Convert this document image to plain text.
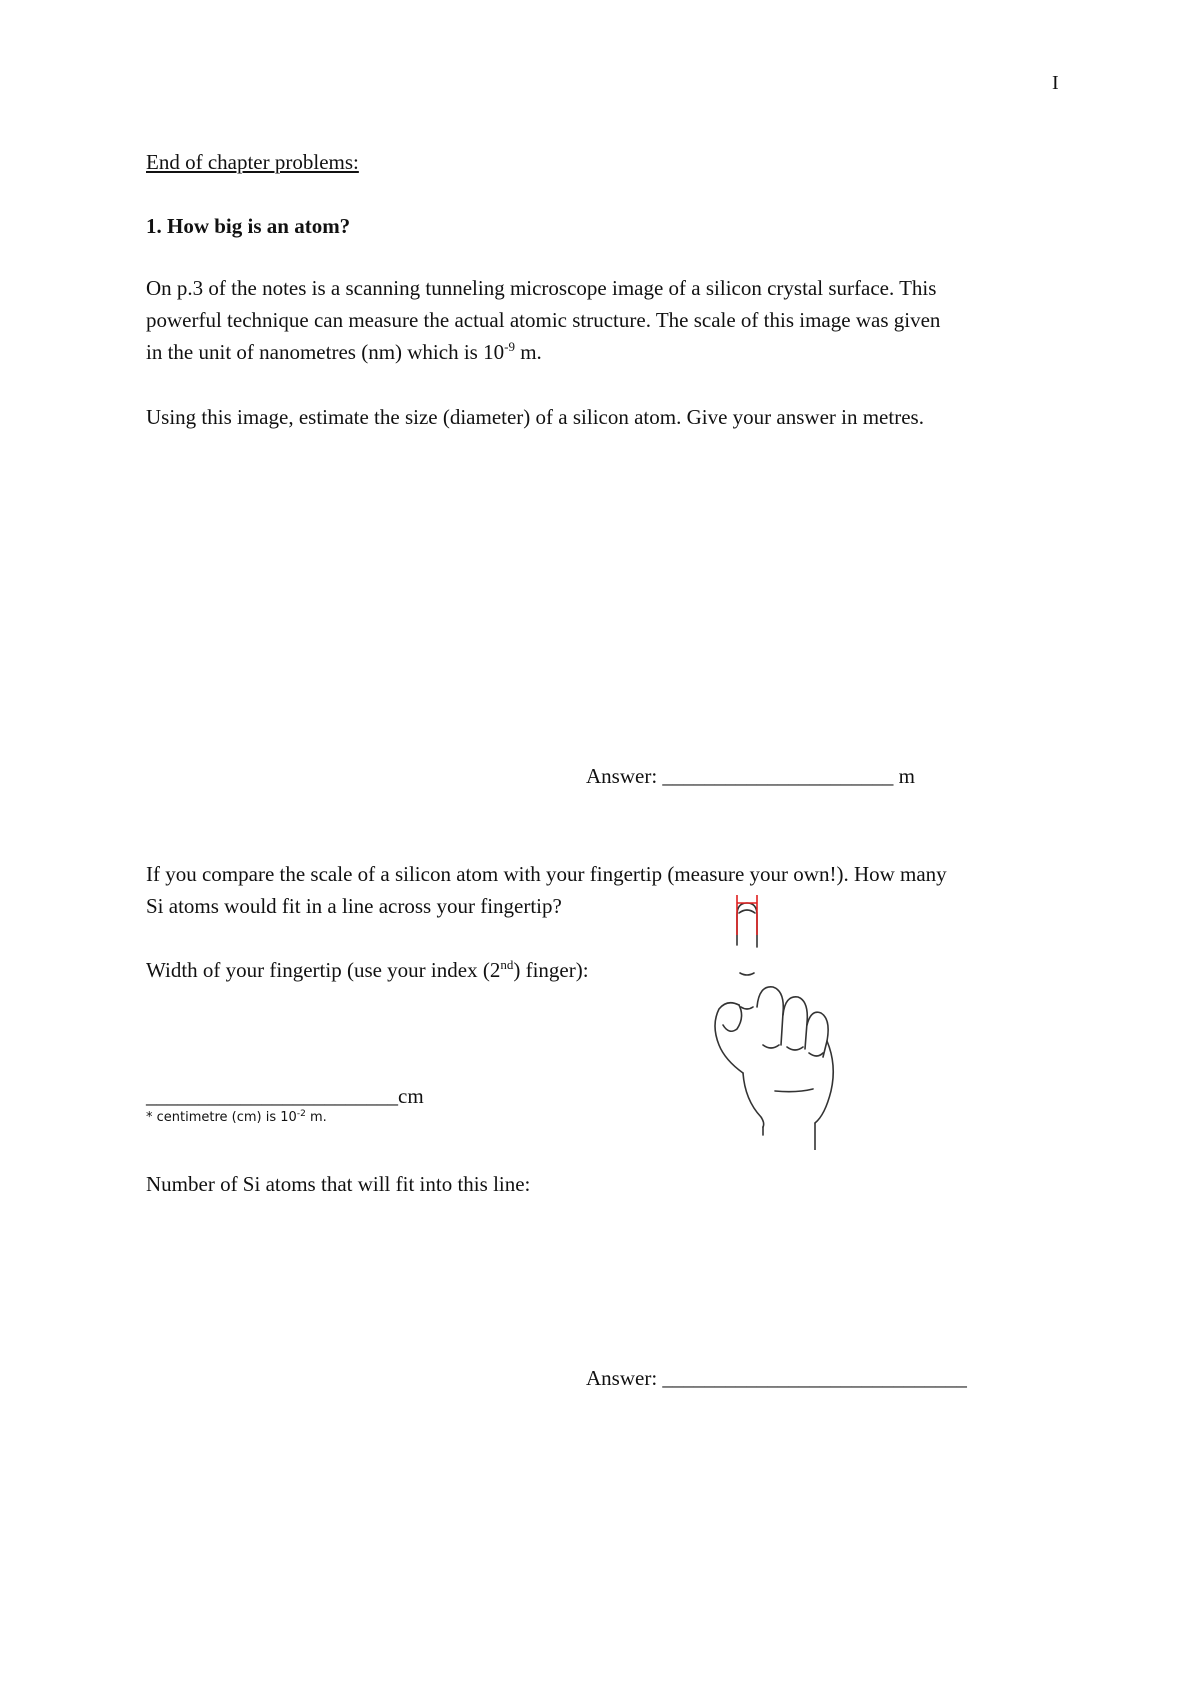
I
End of chapter problems:
1. How big is an atom?
On p.3 of the notes is a scanning tunneling microscope image of a silicon crystal surface. This
powerful technique can measure the actual atomic structure. The scale of this image was given
in the unit of nanometres (nm) which is $10^{-9}$ m.
Using this image, estimate the size (diameter) of a silicon atom. Give your answer in metres.
Answer: ______________________ m
If you compare the scale of a silicon atom with your fingertip (measure your own!). How many
Si atoms would fit in a line across your fingertip?
Width of your fingertip (use your index (2nd) finger):
________________________cm
* centimetre (cm) is $10^{-2}$ m.
Number of Si atoms that will fit into this line:
Answer: _____________________________
